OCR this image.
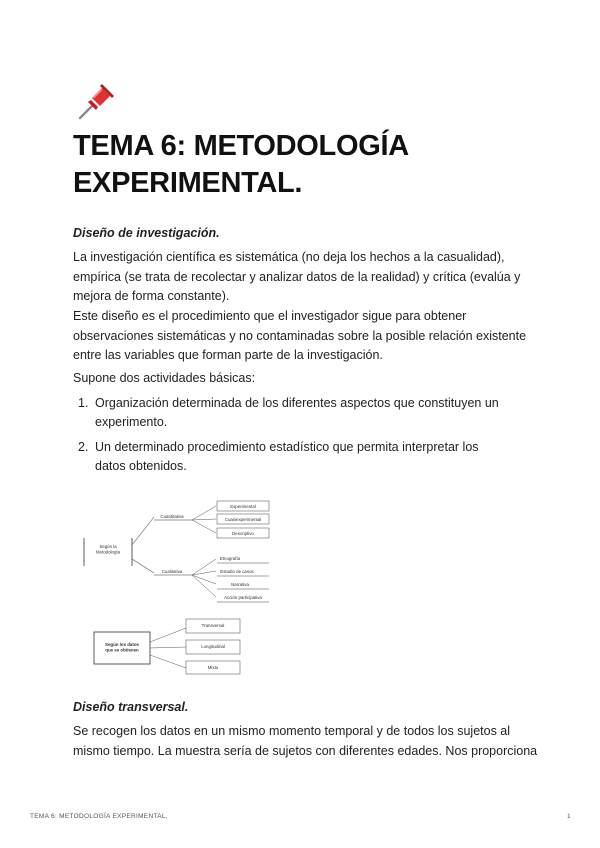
TEMA 6: METODOLOGÍA EXPERIMENTAL.
Diseño de investigación.

La investigación científica es sistemática (no deja los hechos a la casualidad), empírica (se trata de recolectar y analizar datos de la realidad) y crítica (evalúa y mejora de forma constante).

Este diseño es el procedimiento que el investigador sigue para obtener observaciones sistemáticas y no contaminadas sobre la posible relación existente entre las variables que forman parte de la investigación.

Supone dos actividades básicas:

1. Organización determinada de los diferentes aspectos que constituyen un experimento.
2. Un determinado procedimiento estadístico que permita interpretar los datos obtenidos.
Según la Metodología
Cuantitativa
Experimental
Cuasiexperimental
Descriptivo
Cualitativa
Etnografía
Estudio de casos
Narrativa
Acción participativa
Según los datos que se obtienen
Transversal
Longitudinal
Mixto
Diseño transversal.

Se recogen los datos en un mismo momento temporal y de todos los sujetos al mismo tiempo. La muestra sería de sujetos con diferentes edades. Nos proporciona

TEMA 6: METODOLOGÍA EXPERIMENTAL.	1
